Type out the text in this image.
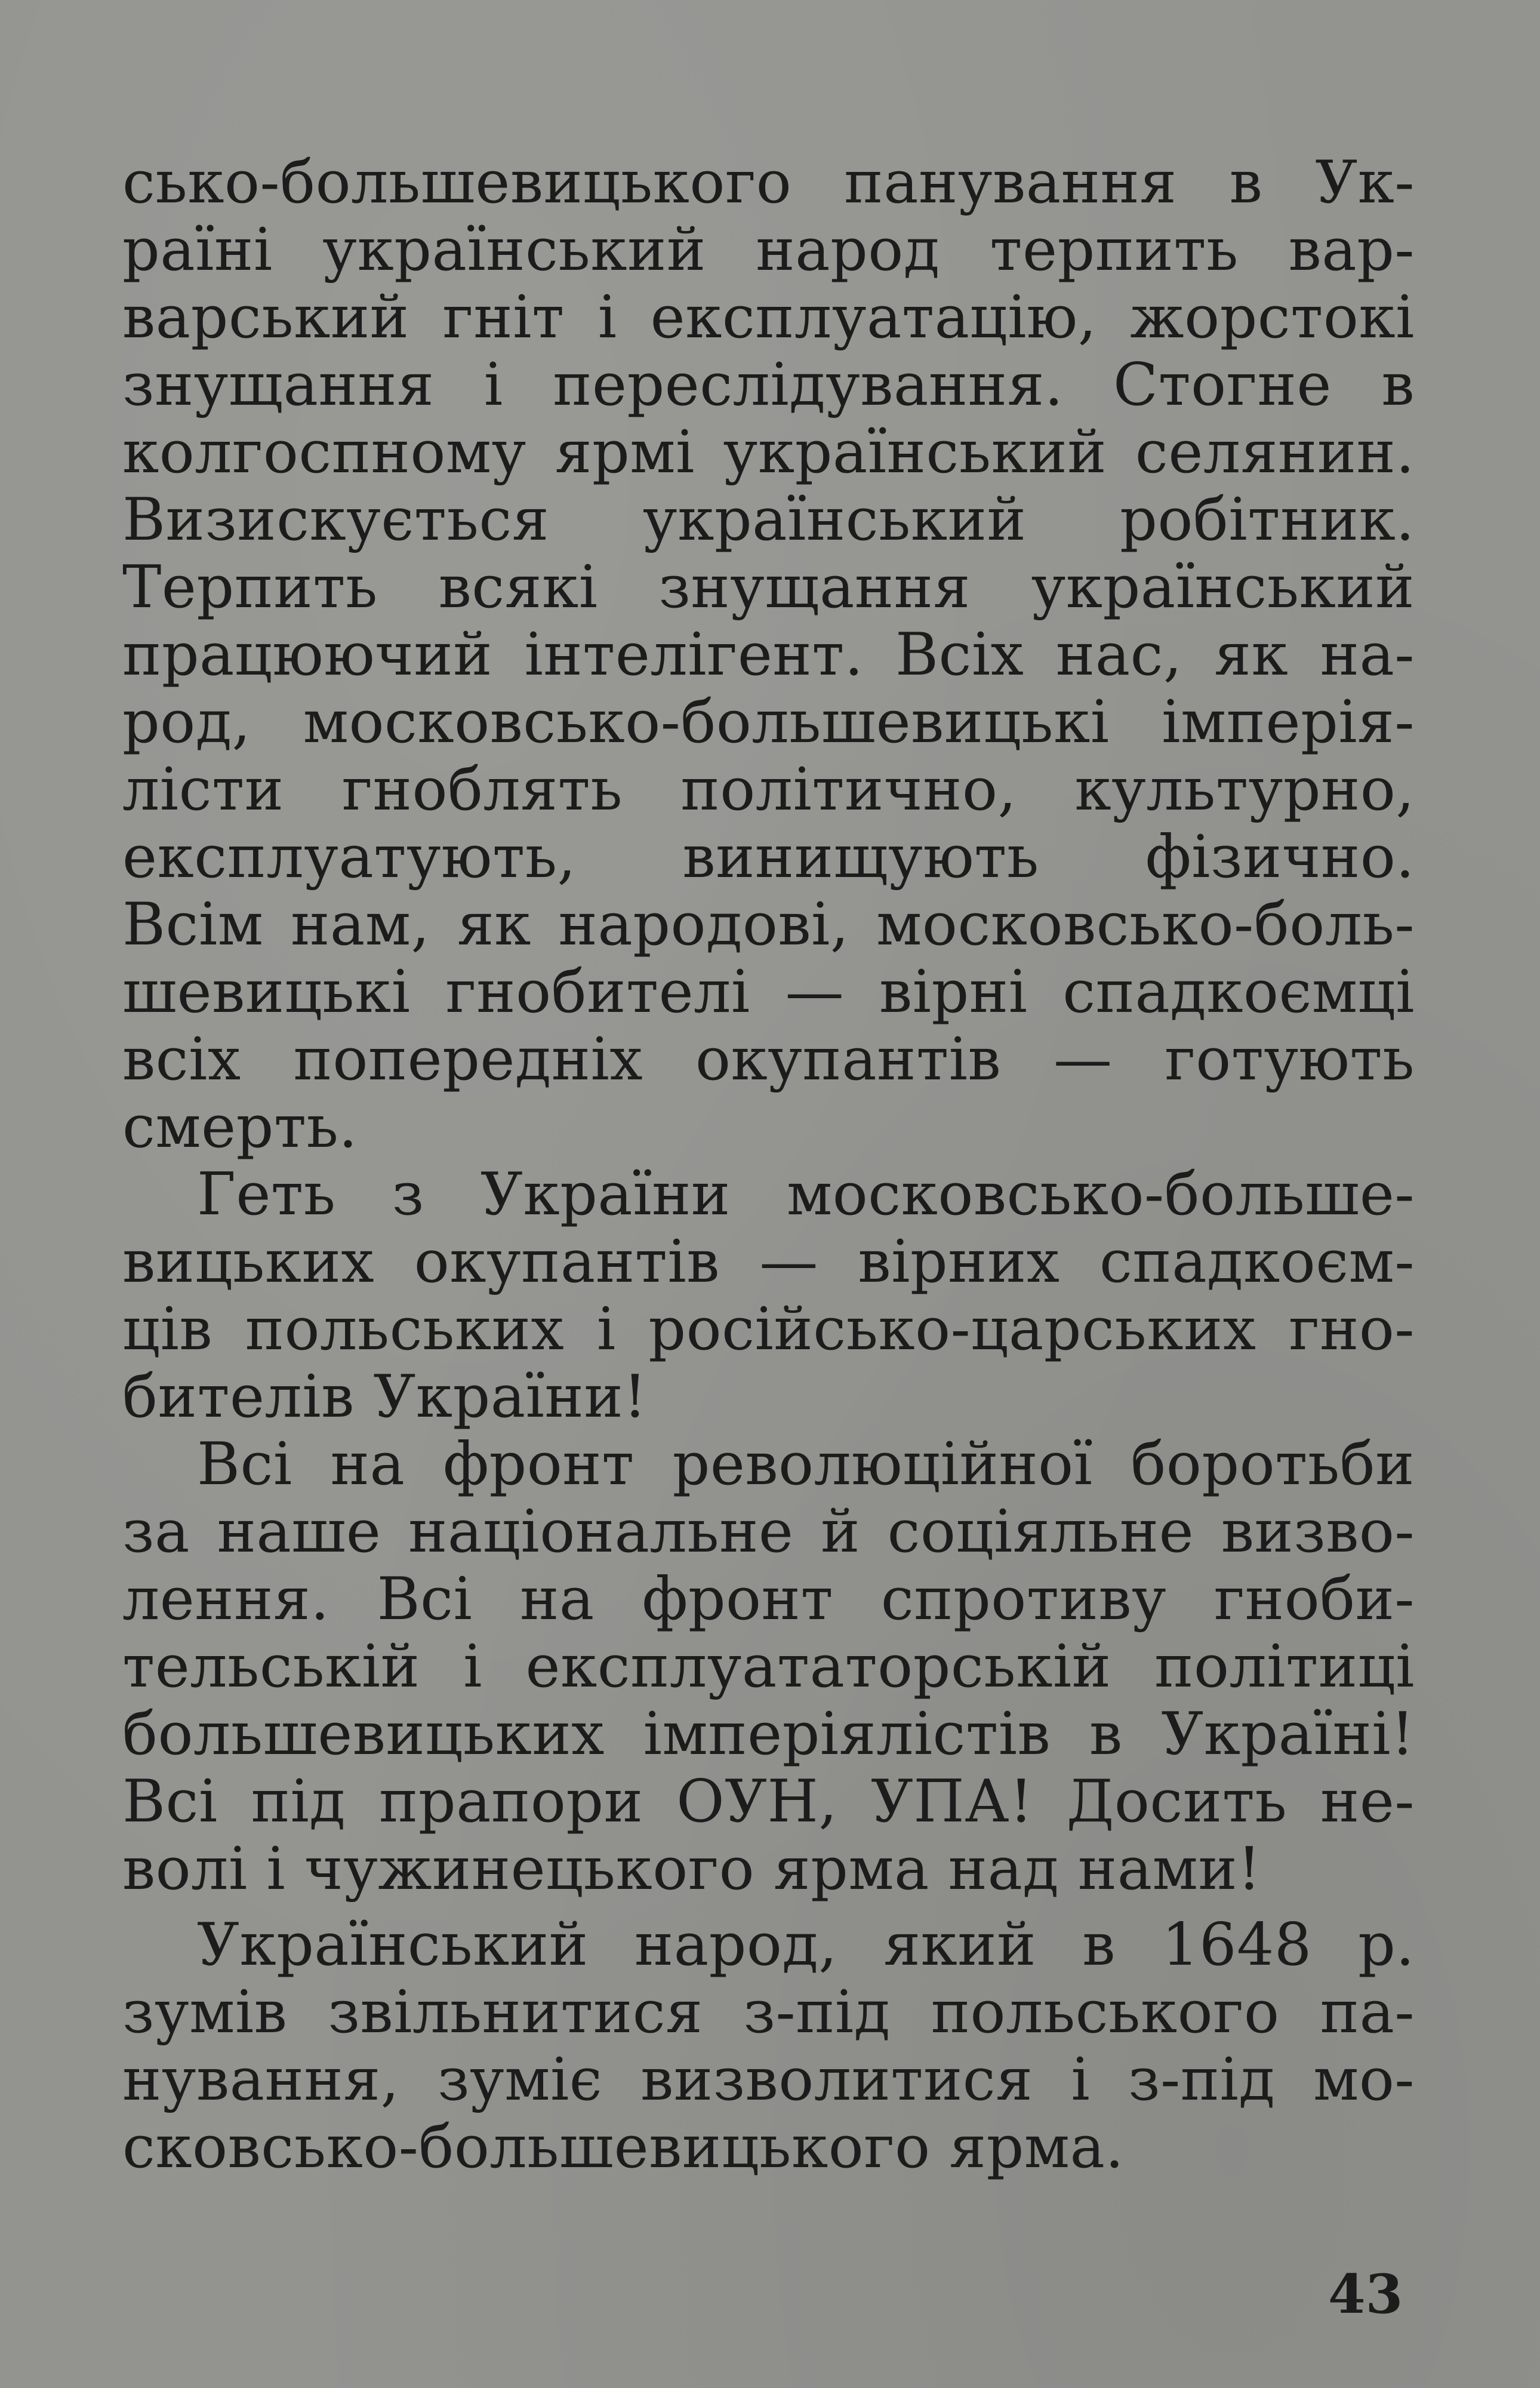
сько-большевицького панування в Ук-
раїні український народ терпить вар-
варський гніт і експлуатацію, жорстокі
знущання і переслідування. Стогне в
колгоспному ярмі український селянин.
Визискується український робітник.
Терпить всякі знущання український
працюючий інтелігент. Всіх нас, як на-
род, московсько-большевицькі імперія-
лісти гноблять політично, культурно,
експлуатують, винищують фізично.
Всім нам, як народові, московсько-боль-
шевицькі гнобителі — вірні спадкоємці
всіх попередніх окупантів — готують
смерть.
Геть з України московсько-больше-
вицьких окупантів — вірних спадкоєм-
ців польських і російсько-царських гно-
бителів України!
Всі на фронт революційної боротьби
за наше національне й соціяльне визво-
лення. Всі на фронт спротиву гноби-
тельській і експлуататорській політиці
большевицьких імперіялістів в Україні!
Всі під прапори ОУН, УПА! Досить не-
волі і чужинецького ярма над нами!
Український народ, який в 1648 р.
зумів звільнитися з-під польського па-
нування, зуміє визволитися і з-під мо-
сковсько-большевицького ярма.
43
